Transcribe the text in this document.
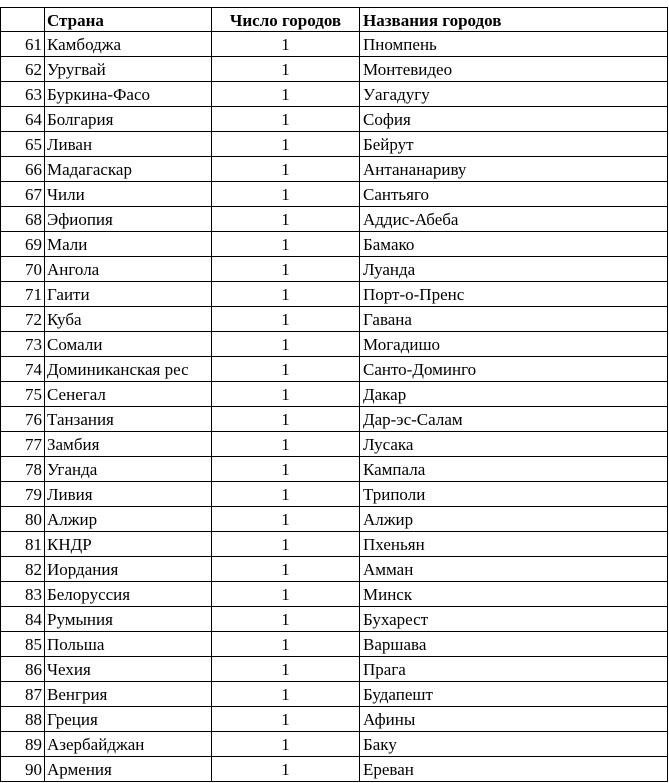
Страна	Число городов	Названия городов
61 Камбоджа	1	Пномпень
62 Уругвай	1	Монтевидео
63 Буркина-Фасо	1	Уагадугу
64 Болгария	1	София
65 Ливан	1	Бейрут
66 Мадагаскар	1	Антананариву
67 Чили	1	Сантьяго
68 Эфиопия	1	Аддис-Абеба
69 Мали	1	Бамако
70 Ангола	1	Луанда
71 Гаити	1	Порт-о-Пренс
72 Куба	1	Гавана
73 Сомали	1	Могадишо
74 Доминиканская рес	1	Санто-Доминго
75 Сенегал	1	Дакар
76 Танзания	1	Дар-эс-Салам
77 Замбия	1	Лусака
78 Уганда	1	Кампала
79 Ливия	1	Триполи
80 Алжир	1	Алжир
81 КНДР	1	Пхеньян
82 Иордания	1	Амман
83 Белоруссия	1	Минск
84 Румыния	1	Бухарест
85 Польша	1	Варшава
86 Чехия	1	Прага
87 Венгрия	1	Будапешт
88 Греция	1	Афины
89 Азербайджан	1	Баку
90 Армения	1	Ереван
